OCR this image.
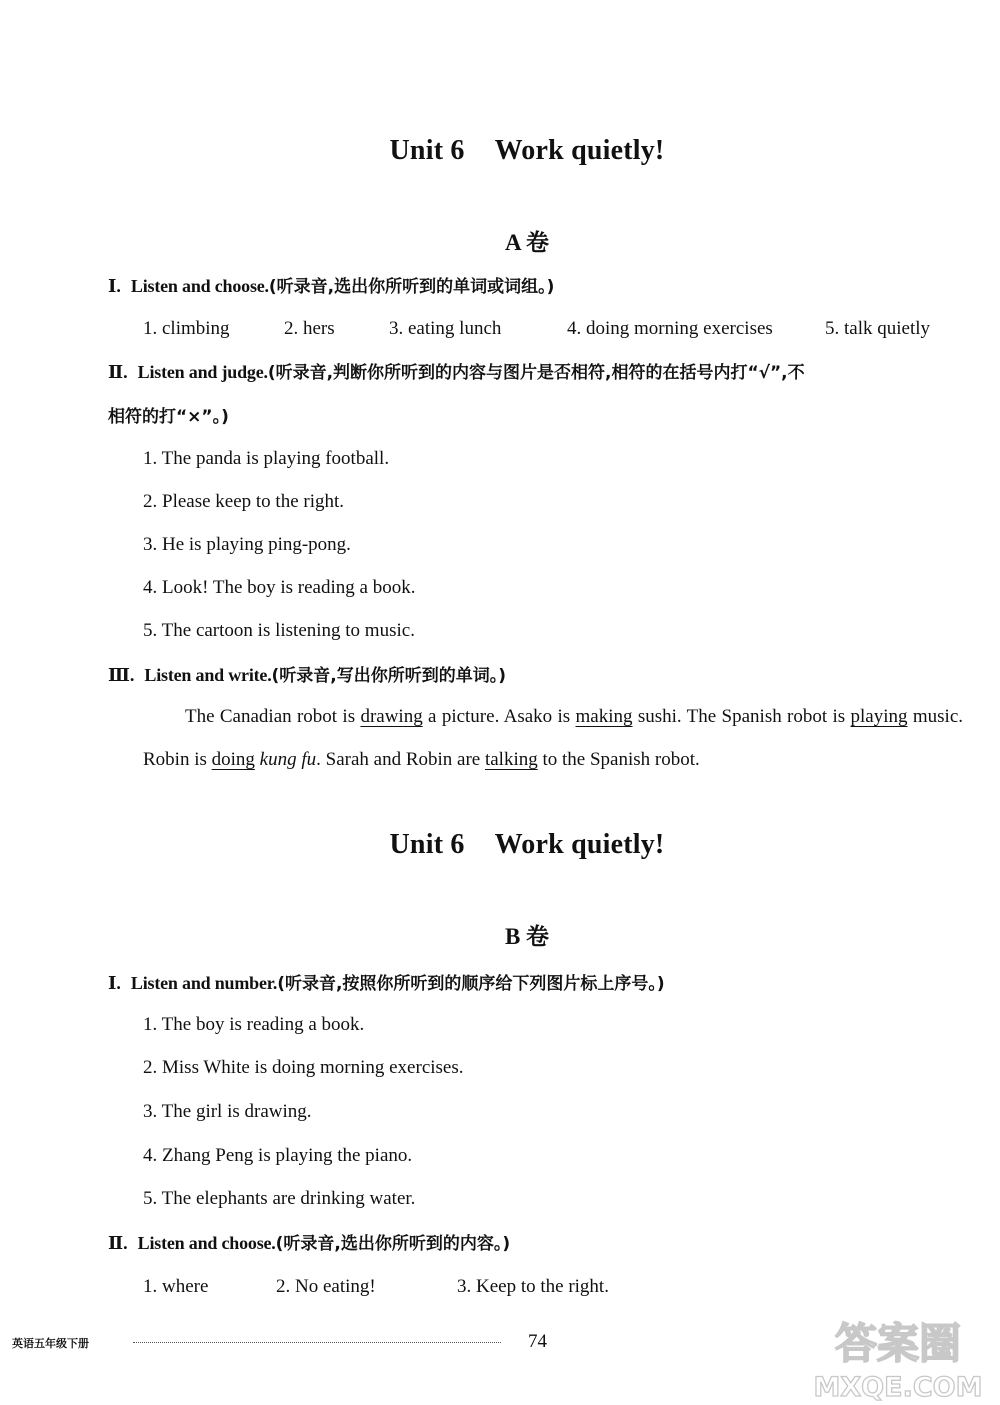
Unit 6 Work quietly!
A 卷
Ⅰ. Listen and choose.(听录音,选出你所听到的单词或词组。)
1. climbing	2. hers	3. eating lunch	4. doing morning exercises	5. talk quietly
Ⅱ. Listen and judge.(听录音,判断你所听到的内容与图片是否相符,相符的在括号内打“√”,不
相符的打“×”。)
1. The panda is playing football.
2. Please keep to the right.
3. He is playing ping-pong.
4. Look! The boy is reading a book.
5. The cartoon is listening to music.
Ⅲ. Listen and write.(听录音,写出你所听到的单词。)
The Canadian robot is drawing a picture. Asako is making sushi. The Spanish robot is playing music. Robin is doing kung fu. Sarah and Robin are talking to the Spanish robot.
Unit 6 Work quietly!
B 卷
Ⅰ. Listen and number.(听录音,按照你所听到的顺序给下列图片标上序号。)
1. The boy is reading a book.
2. Miss White is doing morning exercises.
3. The girl is drawing.
4. Zhang Peng is playing the piano.
5. The elephants are drinking water.
Ⅱ. Listen and choose.(听录音,选出你所听到的内容。)
1. where	2. No eating!	3. Keep to the right.
英语五年级下册	74	答案圈
MXQE.COM
